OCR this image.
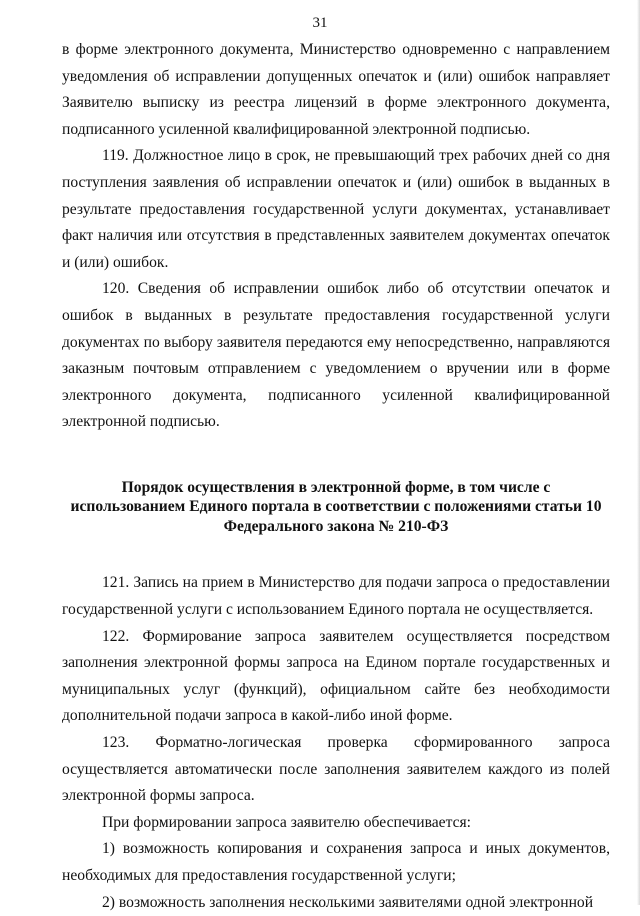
31

в форме электронного документа, Министерство одновременно с направлением уведомления об исправлении допущенных опечаток и (или) ошибок направляет Заявителю выписку из реестра лицензий в форме электронного документа, подписанного усиленной квалифицированной электронной подписью.

119. Должностное лицо в срок, не превышающий трех рабочих дней со дня поступления заявления об исправлении опечаток и (или) ошибок в выданных в результате предоставления государственной услуги документах, устанавливает факт наличия или отсутствия в представленных заявителем документах опечаток и (или) ошибок.

120. Сведения об исправлении ошибок либо об отсутствии опечаток и ошибок в выданных в результате предоставления государственной услуги документах по выбору заявителя передаются ему непосредственно, направляются заказным почтовым отправлением с уведомлением о вручении или в форме электронного документа, подписанного усиленной квалифицированной электронной подписью.

Порядок осуществления в электронной форме, в том числе с использованием Единого портала в соответствии с положениями статьи 10 Федерального закона № 210-ФЗ

121. Запись на прием в Министерство для подачи запроса о предоставлении государственной услуги с использованием Единого портала не осуществляется.

122. Формирование запроса заявителем осуществляется посредством заполнения электронной формы запроса на Едином портале государственных и муниципальных услуг (функций), официальном сайте без необходимости дополнительной подачи запроса в какой-либо иной форме.

123. Форматно-логическая проверка сформированного запроса осуществляется автоматически после заполнения заявителем каждого из полей электронной формы запроса.

При формировании запроса заявителю обеспечивается:

1) возможность копирования и сохранения запроса и иных документов, необходимых для предоставления государственной услуги;

2) возможность заполнения несколькими заявителями одной электронной
